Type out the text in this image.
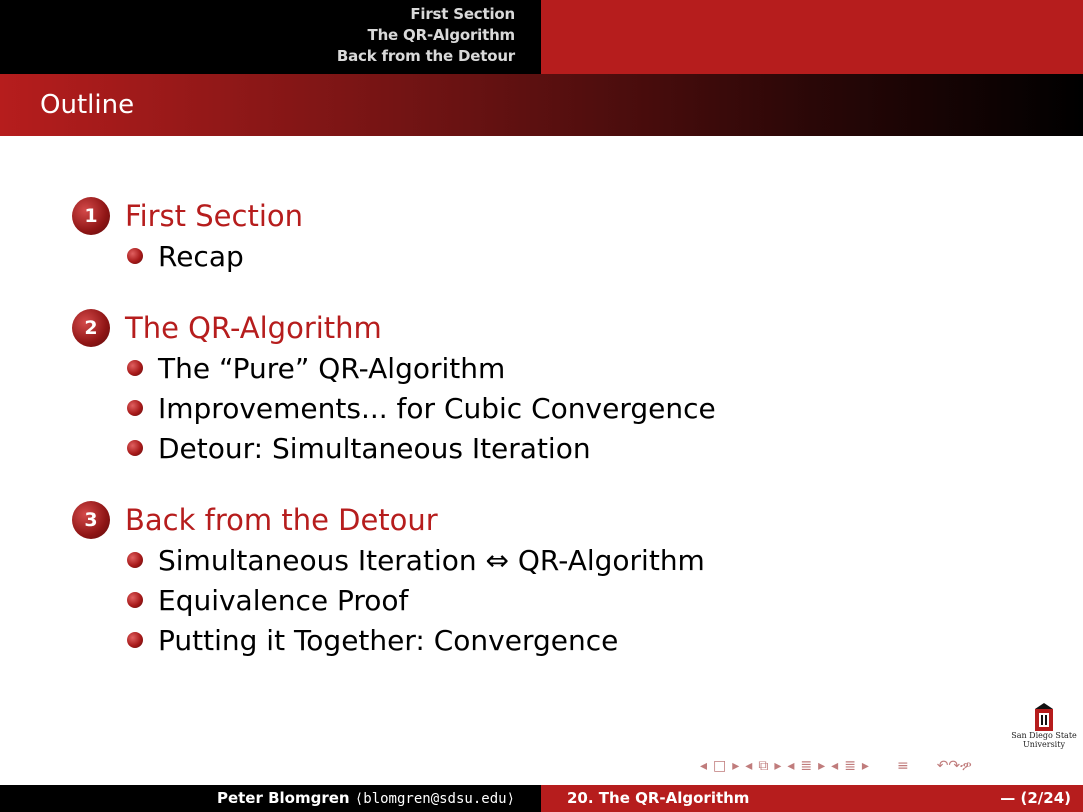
First Section
The QR-Algorithm
Back from the Detour
Outline
1 First Section
Recap
2 The QR-Algorithm
The “Pure” QR-Algorithm
Improvements... for Cubic Convergence
Detour: Simultaneous Iteration
3 Back from the Detour
Simultaneous Iteration ⇔ QR-Algorithm
Equivalence Proof
Putting it Together: Convergence
San Diego State
University
◂ □ ▸ ◂ ⧉ ▸ ◂ ≣ ▸ ◂ ≣ ▸ ≡ ↶↷ዏ
Peter Blomgren ⟨blomgren@sdsu.edu⟩	20. The QR-Algorithm	— (2/24)
